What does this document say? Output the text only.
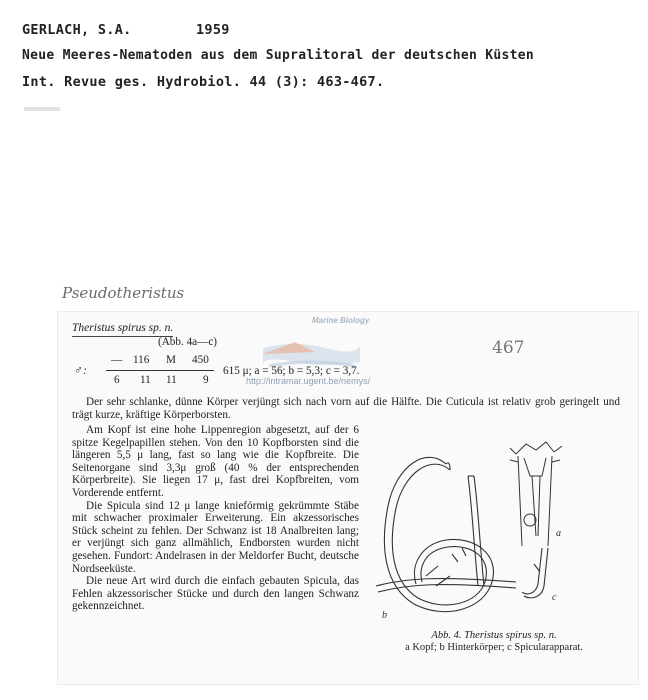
GERLACH, S.A.	1959
Neue Meeres-Nematoden aus dem Supralitoral der deutschen Küsten
Int. Revue ges. Hydrobiol. 44 (3): 463-467.
Pseudotheristus
Marine Biology
http://intramar.ugent.be/nemys/
467
Theristus spirus sp. n.
(Abb. 4a—c)
♂:
— 116 M 450
6 11 11 9
615 μ; a = 56; b = 5,3; c = 3,7.

Der sehr schlanke, dünne Körper verjüngt sich nach vorn auf die Hälfte. Die Cuticula ist relativ grob geringelt und trägt kurze, kräftige Körperborsten.

Am Kopf ist eine hohe Lippenregion abgesetzt, auf der 6 spitze Kegelpapillen stehen. Von den 10 Kopfborsten sind die längeren 5,5 μ lang, fast so lang wie die Kopfbreite. Die Seitenorgane sind 3,3μ groß (40 % der entsprechenden Körperbreite). Sie liegen 17 μ, fast drei Kopfbreiten, vom Vorderende entfernt.

Die Spicula sind 12 μ lange kniefórmig gekrümmte Stäbe mit schwacher proximaler Erweiterung. Ein akzessorisches Stück scheint zu fehlen. Der Schwanz ist 18 Analbreiten lang; er verjüngt sich ganz allmählich, Endborsten wurden nicht gesehen. Fundort: Andelrasen in der Meldorfer Bucht, deutsche Nordseeküste.

Die neue Art wird durch die einfach gebauten Spicula, das Fehlen akzessorischer Stücke und durch den langen Schwanz gekennzeichnet.

b
a
c
Abb. 4. Theristus spirus sp. n.
a Kopf; b Hinterkörper; c Spicularapparat.
